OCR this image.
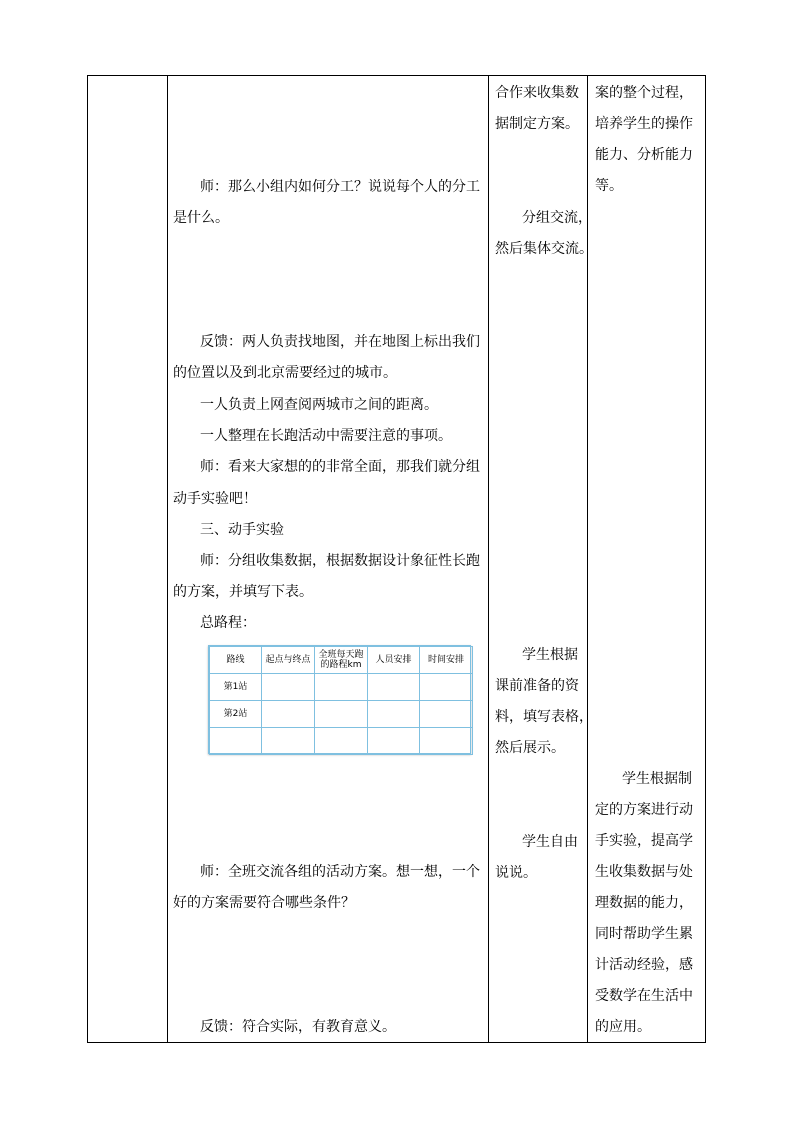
师：那么小组内如何分工？说说每个人的分工
是什么。
反馈：两人负责找地图，并在地图上标出我们
的位置以及到北京需要经过的城市。
一人负责上网查阅两城市之间的距离。
一人整理在长跑活动中需要注意的事项。
师：看来大家想的的非常全面，那我们就分组
动手实验吧！
三、动手实验
师：分组收集数据，根据数据设计象征性长跑
的方案，并填写下表。
总路程：
路线	起点与终点	全班每天跑的路程km	人员安排	时间安排
第1站				
第2站				

师：全班交流各组的活动方案。想一想，一个
好的方案需要符合哪些条件？
反馈：符合实际，有教育意义。
合作来收集数
据制定方案。
分组交流，
然后集体交流。
学生根据
课前准备的资
料，填写表格，
然后展示。
学生自由
说说。
案的整个过程，
培养学生的操作
能力、分析能力
等。
学生根据制
定的方案进行动
手实验，提高学
生收集数据与处
理数据的能力，
同时帮助学生累
计活动经验，感
受数学在生活中
的应用。
